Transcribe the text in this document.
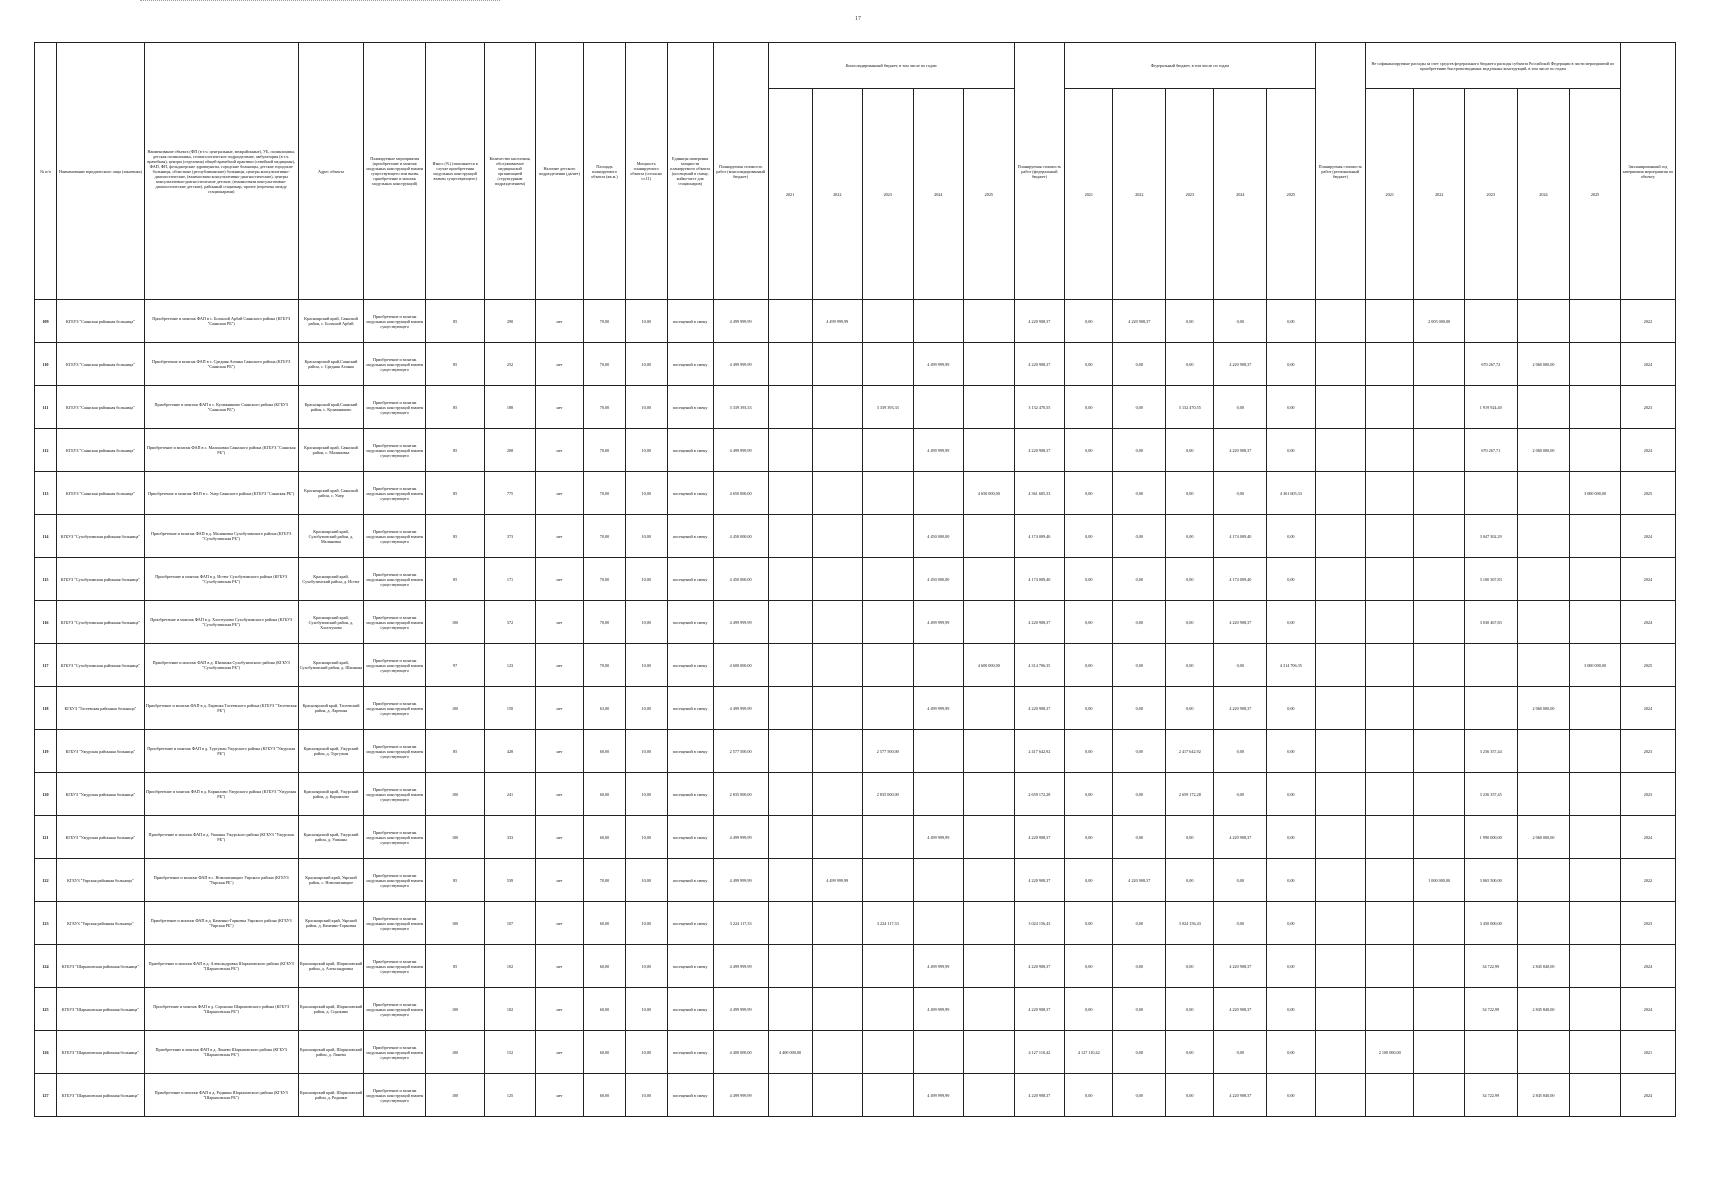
17
№ п/п	Наименование юридического лица (заказчика)	Наименование объекта (ФП (в т.ч. центральные, межрайонные), УБ, поликлиника, детская поликлиника, стоматологическое подразделение, амбулатория (в т.ч. врачебная), центры (отделения) общей врачебной практики (семейной медицины), ФАП, ФП, фельдшерские здравпункты, городские больницы, детские городские больницы, областные (республиканские) больницы, центры консультативно-диагностические, (взаимосвязи консультативно-диагностические), центры консультативно-диагностические детские, (взаимосвязи консультативно-диагностические детские), районный стационар, прочее (перечень между стационарами)	Адрес объекта	Планируемые мероприятия (приобретение и монтаж модульных конструкций взамен существующего или вновь приобретение и монтаж модульных конструкций)	Износ (%) (заполняется в случае приобретения модульных конструкций взамен существующего)	Количество населения, обслуживаемое медицинской организацией (структурным подразделением)	Наличие детского подразделения (да/нет)	Площадь планируемого объекта (кв.м.)	Мощность планируемого объекта (согласно ст.11)	Единицы измерения мощности планируемого объекта (посещений в смену, койко-мест для стационаров)	Планируемая стоимость работ (консолидированный бюджет)	Консолидированный бюджет, в том числе по годам					Планируемая стоимость работ (федеральный бюджет)	Федеральный бюджет, в том числе по годам					Планируемая стоимость работ (региональный бюджет)	Не софинансируемые расходы за счет средств федерального бюджета расходы субъекта Российской Федерации в части мероприятий по приобретению быстровозводимых модульных конструкций, в том числе по годам					Запланированный год завершения мероприятия по объекту
												2021	2022	2023	2024	2025		2021	2022	2023	2024	2025		2021	2022	2023	2024	2025	
109	КГБУЗ "Саянская районная больница"	Приобретение и монтаж ФАП в с. Большой Арбай Саянского района (КГБУЗ "Саянская РБ")	Красноярский край, Саянский район, с. Большой Арбай	Приобретение и монтаж модульных конструкций взамен существующего	85	290	нет	70,00	10,00	посещений в смену	4 499 999,99		4 499 999,99				4 220 908,37	0,00	4 220 908,37	0,00	0,00	0,00			2 005 000,00				2022
110	КГБУЗ "Саянская районная больница"	Приобретение и монтаж ФАП в с. Средняя Агинка Саянского района (КГБУЗ "Саянская РБ")	Красноярский край,Саянский район, с. Средняя Агинка	Приобретение и монтаж модульных конструкций взамен существующего	85	252	нет	70,00	10,00	посещений в смену	4 499 999,99				4 499 999,99		4 220 908,37	0,00	0,00	0,00	4 220 908,37	0,00				670 267,72	2 060 000,00		2024
111	КГБУЗ "Саянская районная больница"	Приобретение и монтаж ФАП в с. Кулижниково Саянского района (КГБУЗ "Саянская РБ")	Красноярский край,Саянский район, с. Кулижниково	Приобретение и монтаж модульных конструкций взамен существующего	85	188	нет	70,00	10,00	посещений в смену	3 339 393,33			3 339 393,33			3 132 470,55	0,00	0,00	3 132 470,55	0,00	0,00				1 919 924,40			2023
112	КГБУЗ "Саянская районная больница"	Приобретение и монтаж ФАП в с. Малиновка Саянского района (КГБУЗ "Саянская РБ")	Красноярский край, Саянский район, с. Малиновка	Приобретение и монтаж модульных конструкций взамен существующего	85	208	нет	70,00	10,00	посещений в смену	4 499 999,99				4 499 999,99		4 220 908,37	0,00	0,00	0,00	4 220 908,37	0,00				670 267,71	2 060 000,00		2024
113	КГБУЗ "Саянская районная больница"	Приобретение и монтаж ФАП в с. Унер Саянского района (КГБУЗ "Саянская РБ")	Красноярский край, Саянский район, с. Унер	Приобретение и монтаж модульных конструкций взамен существующего	85	775	нет	70,00	10,00	посещений в смену	4 650 000,00					4 650 000,00	4 361 605,33	0,00	0,00	0,00	0,00	4 361 605,33						3 000 000,00	2025
114	КГБУЗ "Сухобузимская районная больница"	Приобретение и монтаж ФАП в д. Малиновка Сухобузимского района (КГБУЗ "Сухобузимская РБ")	Красноярский край, Сухобузимский район, д. Малиновка	Приобретение и монтаж модульных конструкций взамен существующего	85	373	нет	70,00	10,00	посещений в смену	4 450 000,00				4 450 000,00		4 174 009,40	0,00	0,00	0,00	4 174 009,40	0,00				3 047 302,29			2024
115	КГБУЗ "Сухобузимская районная больница"	Приобретение и монтаж ФАП в д. Истюг Сухобузимского района (КГБУЗ "Сухобузимская РБ")	Красноярский край, Сухобузимский район, д. Истюг	Приобретение и монтаж модульных конструкций взамен существующего	85	171	нет	70,00	10,00	посещений в смену	4 450 000,00				4 450 000,00		4 174 009,40	0,00	0,00	0,00	4 174 009,40	0,00				3 100 367,83			2024
116	КГБУЗ "Сухобузимская районная больница"	Приобретение и монтаж ФАП в д. Хлоптуново Сухобузимского района (КГБУЗ "Сухобузимская РБ")	Красноярский край, Сухобузимский район, д. Хлоптуново	Приобретение и монтаж модульных конструкций взамен существующего	100	372	нет	70,00	10,00	посещений в смену	4 499 999,99				4 499 999,99		4 220 908,37	0,00	0,00	0,00	4 220 908,37	0,00				3 030 467,83			2024
117	КГБУЗ "Сухобузимская районная больница"	Приобретение и монтаж ФАП в д. Шилинка Сухобузимского района (КГБУЗ "Сухобузимская РБ")	Красноярский край, Сухобузимский район, д. Шилинка	Приобретение и монтаж модульных конструкций взамен существующего	97	123	нет	70,00	10,00	посещений в смену	4 600 000,00					4 600 000,00	4 314 706,35	0,00	0,00	0,00	0,00	4 314 706,35						3 000 000,00	2025
118	КГБУЗ "Тасеевская районная больница"	Приобретение и монтаж ФАП в д. Ларешка Тасеевского района (КГБУЗ "Тасеевская РБ")	Красноярский край, Тасеевский район, д. Ларешка	Приобретение и монтаж модульных конструкций взамен существующего	100	150	нет	63,00	10,00	посещений в смену	4 499 999,99				4 499 999,99		4 220 908,37	0,00	0,00	0,00	4 220 908,37	0,00					2 060 000,00		2024
119	КГБУЗ "Ужурская районная больница"	Приобретение и монтаж ФАП в д. Тургужан Ужурского района (КГБУЗ "Ужурская РБ")	Красноярский край, Ужурский район, д. Тургужан	Приобретение и монтаж модульных конструкций взамен существующего	85	428	нет	60,00	10,00	посещений в смену	2 577 500,00			2 577 500,00			2 417 642,92	0,00	0,00	2 417 642,92	0,00	0,00				3 236 357,44			2023
120	КГБУЗ "Ужурская районная больница"	Приобретение и монтаж ФАП в д. Корнилово Ужурского района (КГБУЗ "Ужурская РБ")	Красноярский край, Ужурский район, д. Корнилово	Приобретение и монтаж модульных конструкций взамен существующего	100	241	нет	60,00	10,00	посещений в смену	2 835 000,00			2 835 000,00			2 659 172,28	0,00	0,00	2 659 172,28	0,00	0,00				3 236 357,45			2023
121	КГБУЗ "Ужурская районная больница"	Приобретение и монтаж ФАП в д. Ушканы Ужурского района (КГБУЗ "Ужурская РБ")	Красноярский край, Ужурский район, д. Ушканы	Приобретение и монтаж модульных конструкций взамен существующего	100	333	нет	60,00	10,00	посещений в смену	4 499 999,99				4 499 999,99		4 220 908,37	0,00	0,00	0,00	4 220 908,37	0,00				1 990 000,00	2 060 000,00		2024
122	КГБУЗ "Уярская районная больница"	Приобретение и монтаж ФАП в с. Новопятницкое Уярского района (КГБУЗ "Уярская РБ")	Красноярский край, Уярский район, с. Новопятницкое	Приобретение и монтаж модульных конструкций взамен существующего	85	539	нет	70,00	10,00	посещений в смену	4 499 999,99		4 499 999,99				4 220 908,37	0,00	4 220 908,37	0,00	0,00	0,00			1 000 000,00	3 065 500,00			2022
123	КГБУЗ "Уярская районная больница"	Приобретение и монтаж ФАП в д. Каменно-Горновка Уярского района (КГБУЗ "Уярская РБ")	Красноярский край, Уярский район, д. Каменно-Горновка	Приобретение и монтаж модульных конструкций взамен существующего	100	107	нет	60,00	10,00	посещений в смену	3 224 117,33			3 224 117,33			3 024 156,43	0,00	0,00	3 024 156,43	0,00	0,00				3 450 000,00			2023
124	КГБУЗ "Шарыповская районная больница"	Приобретение и монтаж ФАП в д. Александровка Шарыповского района (КГБУЗ "Шарыповская РБ")	Красноярский край, Шарыповский район, д. Александровка	Приобретение и монтаж модульных конструкций взамен существующего	85	102	нет	60,00	10,00	посещений в смену	4 499 999,99				4 499 999,99		4 220 908,37	0,00	0,00	0,00	4 220 908,37	0,00				34 722,99	2 845 840,00		2024
125	КГБУЗ "Шарыповская районная больница"	Приобретение и монтаж ФАП в д. Сорокино Шарыповского района (КГБУЗ "Шарыповская РБ")	Красноярский край, Шарыповский район, д. Сорокино	Приобретение и монтаж модульных конструкций взамен существующего	100	102	нет	60,00	10,00	посещений в смену	4 499 999,99				4 499 999,99		4 220 908,37	0,00	0,00	0,00	4 220 908,37	0,00				34 722,99	2 845 840,00		2024
126	КГБУЗ "Шарыповская районная больница"	Приобретение и монтаж ФАП в д. Линево Шарыповского района (КГБУЗ "Шарыповская РБ")	Красноярский край, Шарыповский район, д. Линево	Приобретение и монтаж модульных конструкций взамен существующего	100	152	нет	60,00	10,00	посещений в смену	4 400 000,00	4 400 000,00					4 127 110,42	4 127 110,42	0,00	0,00	0,00	0,00		2 100 000,00					2021
127	КГБУЗ "Шарыповская районная больница"	Приобретение и монтаж ФАП в д. Родники Шарыповского района (КГБУЗ "Шарыповская РБ")	Красноярский край, Шарыповский район, д. Родники	Приобретение и монтаж модульных конструкций взамен существующего	100	125	нет	60,00	10,00	посещений в смену	4 499 999,99				4 499 999,99		4 220 908,37	0,00	0,00	0,00	4 220 908,37	0,00				34 722,99	2 845 840,00		2024
